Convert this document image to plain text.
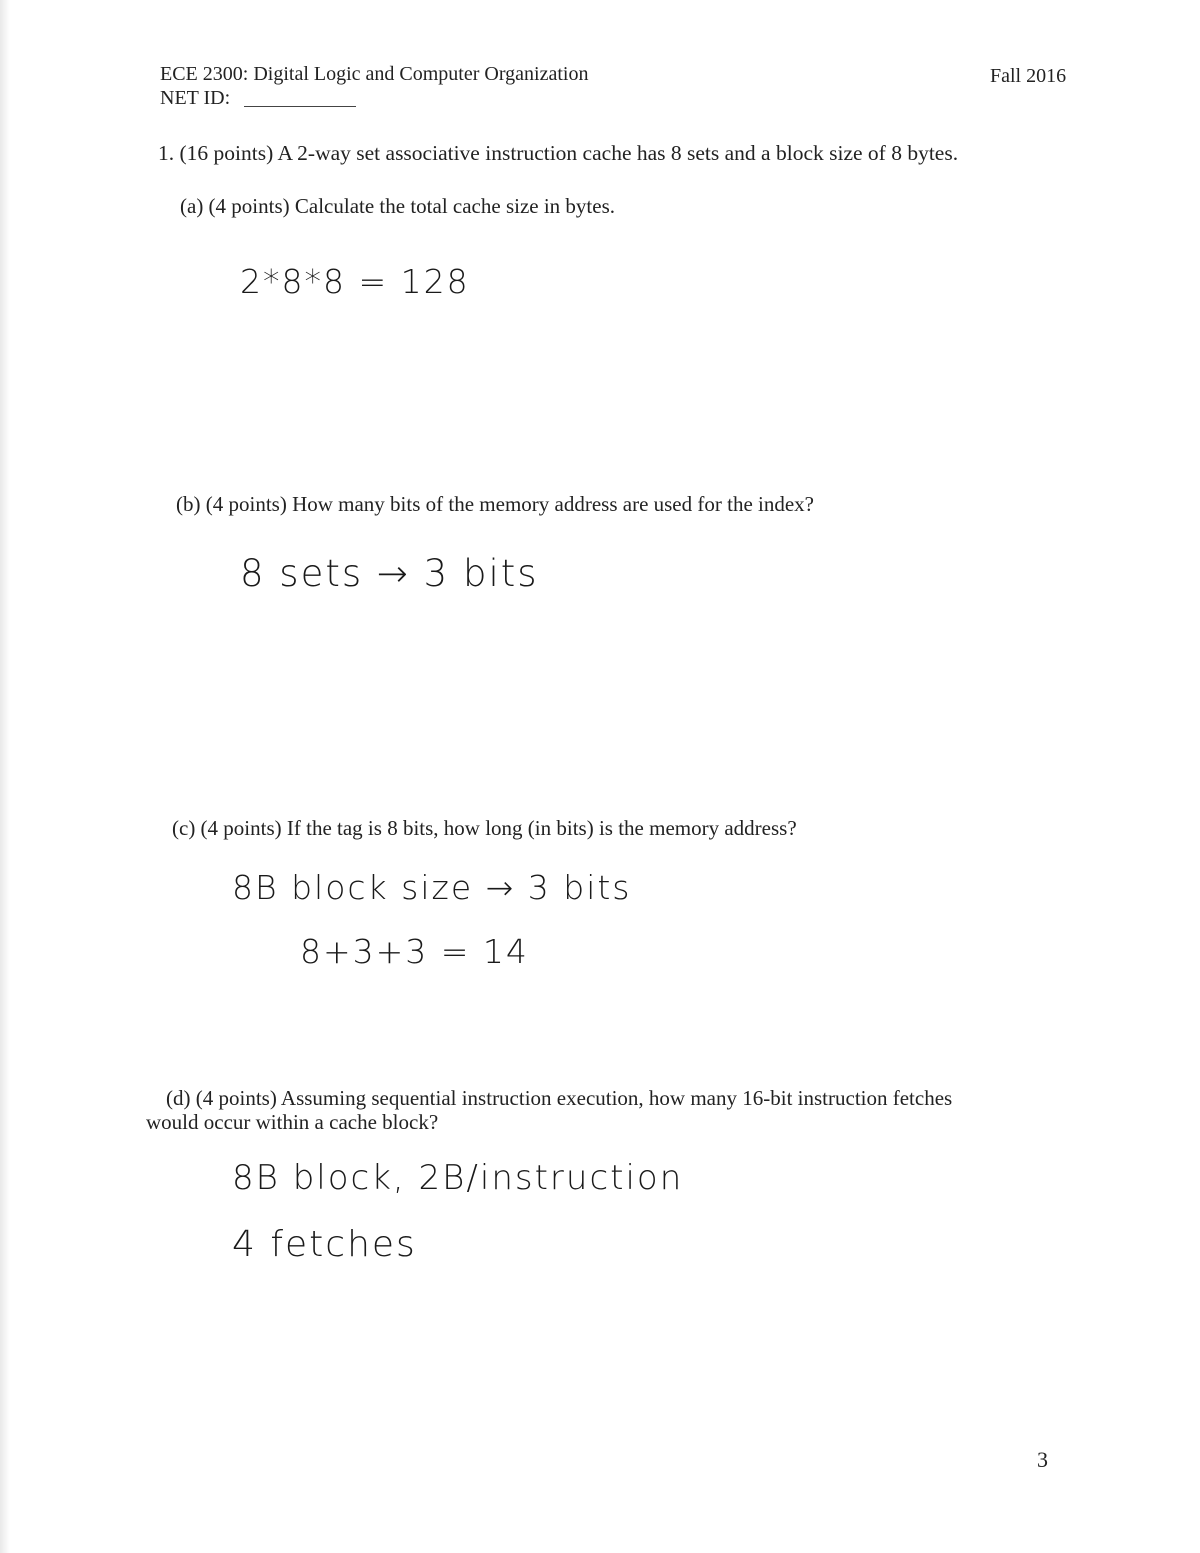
ECE 2300: Digital Logic and Computer Organization
NET ID:
Fall 2016
1. (16 points) A 2-way set associative instruction cache has 8 sets and a block size of 8 bytes.
(a) (4 points) Calculate the total cache size in bytes.
2*8*8 = 128
(b) (4 points) How many bits of the memory address are used for the index?
8 sets → 3 bits
(c) (4 points) If the tag is 8 bits, how long (in bits) is the memory address?
8B block size → 3 bits
8+3+3 = 14
(d) (4 points) Assuming sequential instruction execution, how many 16-bit instruction fetches
would occur within a cache block?
8B block, 2B/instruction
4 fetches
3
